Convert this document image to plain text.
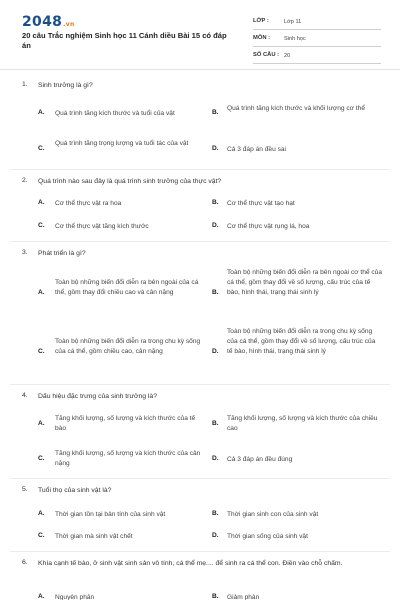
2048.vn
20 câu Trắc nghiệm Sinh học 11 Cánh diều Bài 15 có đáp án
LỚP :	Lớp 11
MÔN : Sinh học
SỐ CÂU : 20
1. Sinh trưởng là gì?
A. Quá trình tăng kích thước và tuổi của vật	B.
Quá trình tăng kích thước và khối lượng cơ thể
C.
Quá trình tăng trọng lượng và tuổi tác của vật
D. Cả 3 đáp án đều sai
2. Quá trình nào sau đây là quá trình sinh trưởng của thực vật?
A. Cơ thể thực vật ra hoa	B. Cơ thể thực vật tạo hạt
C. Cơ thể thực vật tăng kích thước	D. Cơ thể thực vật rụng lá, hoa
3. Phát triển là gì?
A.
Toàn bộ những biến đổi diễn ra bên ngoài của cá thể, gồm thay đổi chiều cao và cân nặng	B.
Toàn bộ những biến đổi diễn ra bên ngoài cơ thể của cá thể, gồm thay đổi về số lượng, cấu trúc của tế bào, hình thái, trạng thái sinh lý
C.
Toàn bộ những biến đổi diễn ra trong chu kỳ sống của cá thể, gồm chiều cao, cân nặng	D.
Toàn bộ những biến đổi diễn ra trong chu kỳ sống của cá thể, gồm thay đổi về số lượng, cấu trúc của tế bào, hình thái, trạng thái sinh lý
4. Dấu hiệu đặc trưng của sinh trưởng là?
A.
Tăng khối lượng, số lượng và kích thước của tế bào
B.
Tăng khối lượng, số lượng và kích thước của chiều cao
C.
Tăng khối lượng, số lượng và kích thước của cân nặng
D. Cả 3 đáp án đều đúng
5. Tuổi thọ của sinh vật là?
A. Thời gian tồn tại bản tính của sinh vật	B. Thời gian sinh con của sinh vật
C. Thời gian mà sinh vật chết	D. Thời gian sống của sinh vật
6. Khía cạnh tế bào, ở sinh vật sinh sản vô tính, cá thể mẹ.... để sinh ra cá thể con. Điền vào chỗ chấm.
A. Nguyên phân	B. Giảm phân
